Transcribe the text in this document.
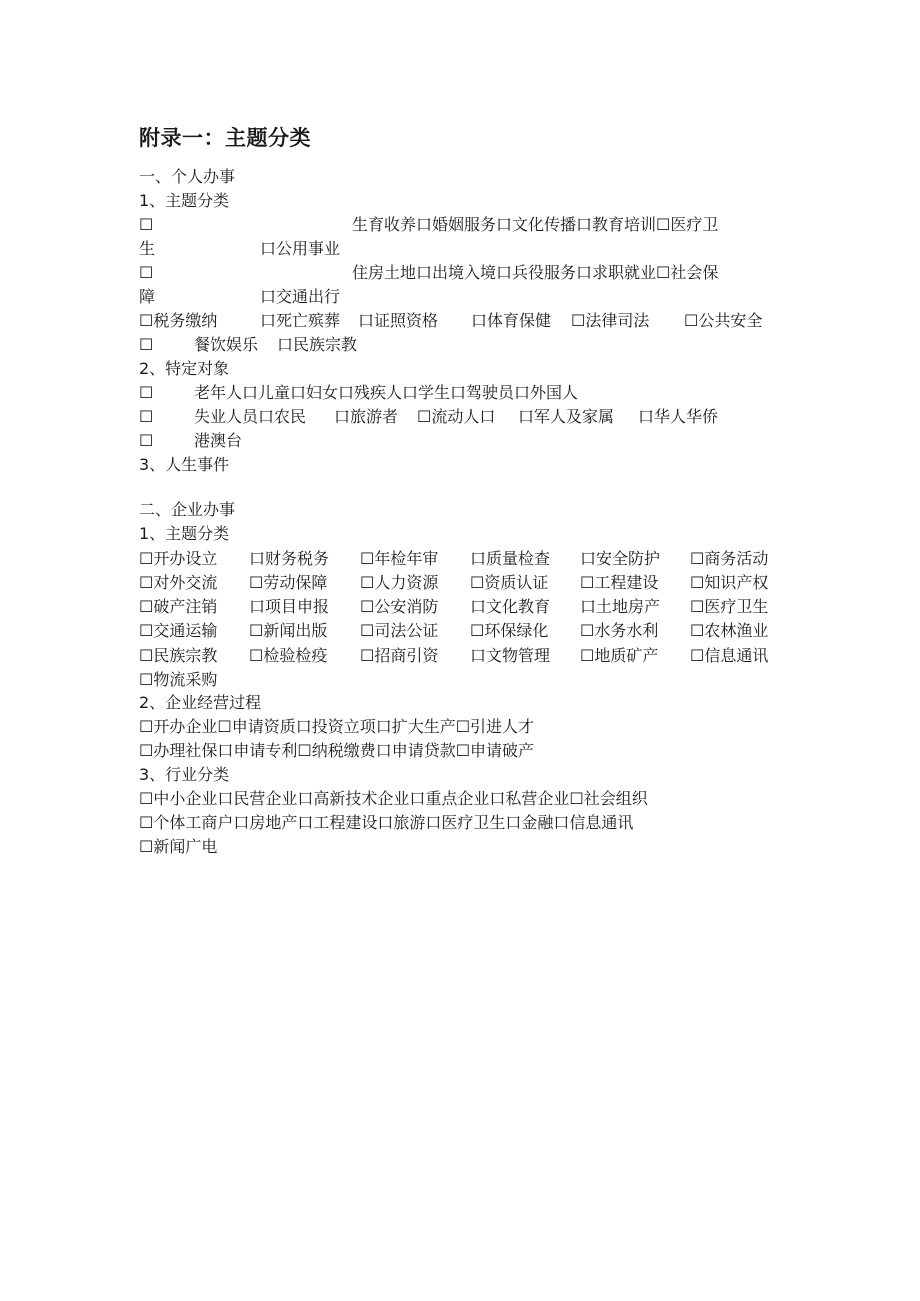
附录一：主题分类
一、个人办事
1、主题分类
☐	生育收养口婚姻服务口文化传播口教育培训☐医疗卫
生	口公用事业
☐	住房土地口出境入境口兵役服务口求职就业☐社会保
障	口交通出行
☐税务缴纳	口死亡殡葬 口证照资格 口体育保健 ☐法律司法 ☐公共安全
☐	餐饮娱乐 口民族宗教
2、特定对象
☐	老年人口儿童口妇女口残疾人口学生口驾驶员口外国人
☐	失业人员口农民 口旅游者 ☐流动人口 口军人及家属 口华人华侨
☐	港澳台
3、人生事件
二、企业办事
1、主题分类
☐开办设立 口财务税务 ☐年检年审 口质量检查 口安全防护 ☐商务活动
☐对外交流 ☐劳动保障 ☐人力资源 ☐资质认证 ☐工程建设 ☐知识产权
☐破产注销 口项目申报 ☐公安消防 口文化教育 口土地房产 ☐医疗卫生
☐交通运输 ☐新闻出版 ☐司法公证 ☐环保绿化 ☐水务水利 ☐农林渔业
☐民族宗教 ☐检验检疫 ☐招商引资 口文物管理 ☐地质矿产 ☐信息通讯
☐物流采购
2、企业经营过程
☐开办企业☐申请资质口投资立项口扩大生产☐引进人才
☐办理社保口申请专利☐纳税缴费口申请贷款☐申请破产
3、行业分类
☐中小企业口民营企业口高新技术企业口重点企业口私营企业☐社会组织
☐个体工商户口房地产口工程建设口旅游口医疗卫生口金融口信息通讯
☐新闻广电
